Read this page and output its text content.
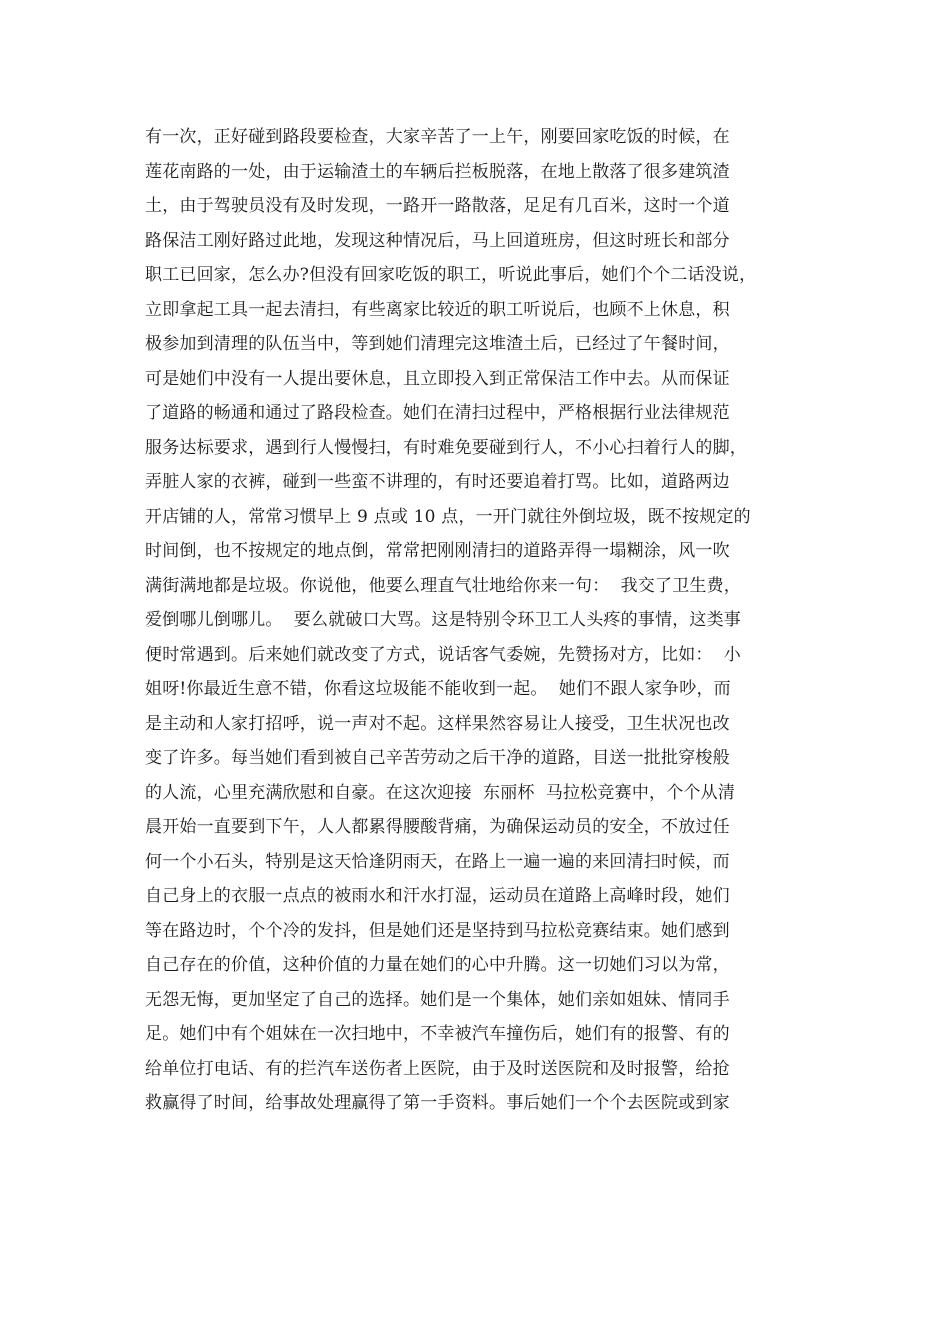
有一次，正好碰到路段要检查，大家辛苦了一上午，刚要回家吃饭的时候，在
莲花南路的一处，由于运输渣土的车辆后拦板脱落，在地上散落了很多建筑渣
土，由于驾驶员没有及时发现，一路开一路散落，足足有几百米，这时一个道
路保洁工刚好路过此地，发现这种情况后，马上回道班房，但这时班长和部分
职工已回家，怎么办?但没有回家吃饭的职工，听说此事后，她们个个二话没说，
立即拿起工具一起去清扫，有些离家比较近的职工听说后，也顾不上休息，积
极参加到清理的队伍当中，等到她们清理完这堆渣土后，已经过了午餐时间，
可是她们中没有一人提出要休息，且立即投入到正常保洁工作中去。从而保证
了道路的畅通和通过了路段检查。她们在清扫过程中，严格根据行业法律规范
服务达标要求，遇到行人慢慢扫，有时难免要碰到行人，不小心扫着行人的脚，
弄脏人家的衣裤，碰到一些蛮不讲理的，有时还要追着打骂。比如，道路两边
开店铺的人，常常习惯早上 9 点或 10 点，一开门就往外倒垃圾，既不按规定的
时间倒，也不按规定的地点倒，常常把刚刚清扫的道路弄得一塌糊涂，风一吹
满街满地都是垃圾。你说他，他要么理直气壮地给你来一句：  我交了卫生费，
爱倒哪儿倒哪儿。  要么就破口大骂。这是特别令环卫工人头疼的事情，这类事
便时常遇到。后来她们就改变了方式，说话客气委婉，先赞扬对方，比如：  小
姐呀!你最近生意不错，你看这垃圾能不能收到一起。  她们不跟人家争吵，而
是主动和人家打招呼，说一声对不起。这样果然容易让人接受，卫生状况也改
变了许多。每当她们看到被自己辛苦劳动之后干净的道路，目送一批批穿梭般
的人流，心里充满欣慰和自豪。在这次迎接  东丽杯  马拉松竞赛中，个个从清
晨开始一直要到下午，人人都累得腰酸背痛，为确保运动员的安全，不放过任
何一个小石头，特别是这天恰逢阴雨天，在路上一遍一遍的来回清扫时候，而
自己身上的衣服一点点的被雨水和汗水打湿，运动员在道路上高峰时段，她们
等在路边时，个个冷的发抖，但是她们还是坚持到马拉松竞赛结束。她们感到
自己存在的价值，这种价值的力量在她们的心中升腾。这一切她们习以为常，
无怨无悔，更加坚定了自己的选择。她们是一个集体，她们亲如姐妹、情同手
足。她们中有个姐妹在一次扫地中，不幸被汽车撞伤后，她们有的报警、有的
给单位打电话、有的拦汽车送伤者上医院，由于及时送医院和及时报警，给抢
救赢得了时间，给事故处理赢得了第一手资料。事后她们一个个去医院或到家
